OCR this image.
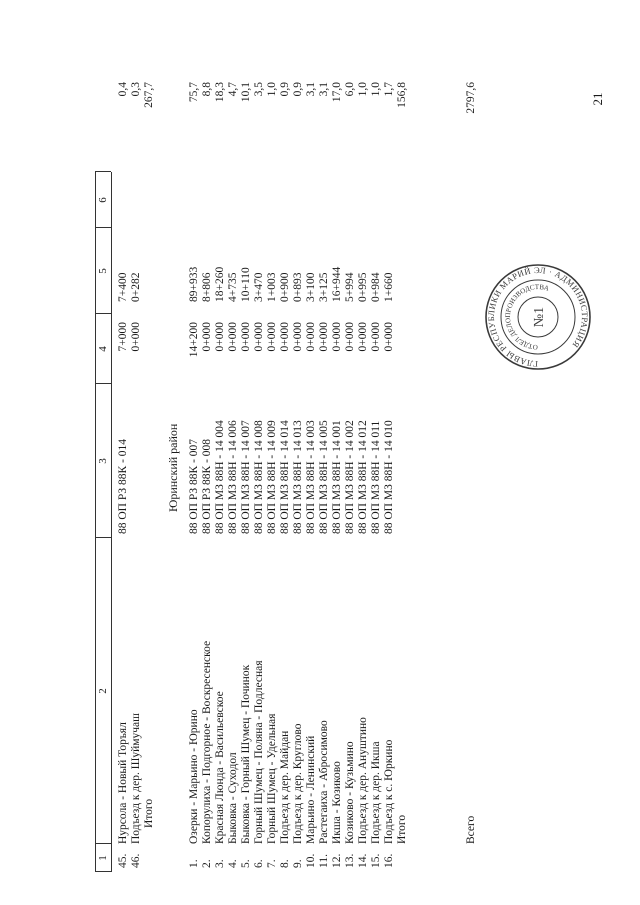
21
1
2
3
4
5
6
45.
Нурсола - Новый Торъял
88 ОП РЗ 88К - 014
7+000
7+400
0,4
46.
Подъезд к дер. Шуймучаш
0+282
0+000
0,3
Итого
267,7
Юринский район
1.
Озерки - Марьино - Юрино
88 ОП РЗ 88К - 007
14+200
89+933
75,7
2.
Копорулиха - Подгорное - Воскресенское
88 ОП РЗ 88К - 008
0+000
8+806
8,8
3.
Красная Люнда - Васильевское
88 ОП МЗ 88Н - 14 004
0+000
18+260
18,3
4.
Быковка - Суходол
88 ОП МЗ 88Н - 14 006
0+000
4+735
4,7
5.
Быковка - Горный Шумец - Починок
88 ОП МЗ 88Н - 14 007
0+000
10+110
10,1
6.
Горный Шумец - Поляна - Подлесная
88 ОП МЗ 88Н - 14 008
0+000
3+470
3,5
7.
Горный Шумец - Удельная
88 ОП МЗ 88Н - 14 009
0+000
1+003
1,0
8.
Подъезд к дер. Майдан
88 ОП МЗ 88Н - 14 014
0+000
0+900
0,9
9.
Подъезд к дер. Круглово
88 ОП МЗ 88Н - 14 013
0+000
0+893
0,9
10.
Марьино - Ленинский
88 ОП МЗ 88Н - 14 003
0+000
3+100
3,1
11.
Растегаиха - Абросимово
88 ОП МЗ 88Н - 14 005
0+000
3+125
3,1
12.
Икша - Козиково
88 ОП МЗ 88Н - 14 001
0+000
16+944
17,0
13.
Козиково - Кузьмино
88 ОП МЗ 88Н - 14 002
0+000
5+994
6,0
14.
Подъезд к дер. Ануштино
88 ОП МЗ 88Н - 14 012
0+000
0+995
1,0
15.
Подъезд к дер. Икша
88 ОП МЗ 88Н - 14 011
0+000
0+984
1,0
16.
Подъезд к с. Юркино
88 ОП МЗ 88Н - 14 010
0+000
1+660
1,7
Итого
156,8
Всего
2797,6
ГЛАВЫ РЕСПУБЛИКИ МАРИЙ ЭЛ · АДМИНИСТРАЦИЯ
ОТДЕЛ ДЕЛОПРОИЗВОДСТВА
№1
